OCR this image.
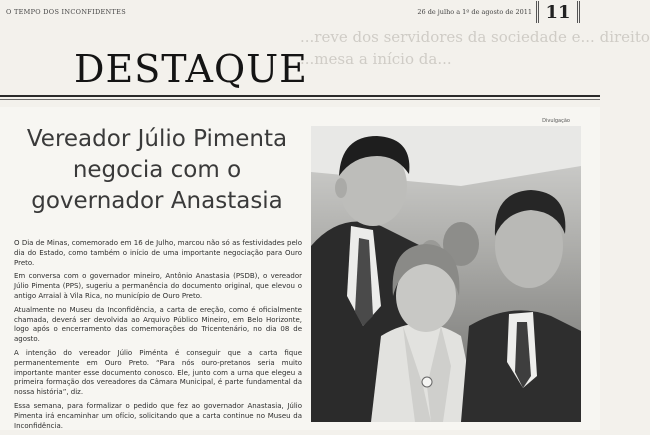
O TEMPO DOS INCONFIDENTES	26 de julho a 1º de agosto de 2011 11
...reve dos servidores da sociedade e... direito
...mesa a início da...
DESTAQUE
Vereador Júlio Pimenta negocia com o governador Anastasia

O Dia de Minas, comemorado em 16 de Julho, marcou não só as festividades pelo dia do Estado, como também o início de uma importante negociação para Ouro Preto.

Em conversa com o governador mineiro, Antônio Anastasia (PSDB), o vereador Júlio Pimenta (PPS), sugeriu a permanência do documento original, que elevou o antigo Arraial à Vila Rica, no município de Ouro Preto.

Atualmente no Museu da Inconfidência, a carta de ereção, como é oficialmente chamada, deverá ser devolvida ao Arquivo Público Mineiro, em Belo Horizonte, logo após o encerramento das comemorações do Tricentenário, no dia 08 de agosto.

A intenção do vereador Júlio Piménta é conseguir que a carta fique permanentemente em Ouro Preto. “Para nós ouro-pretanos seria muito importante manter esse documento conosco. Ele, junto com a urna que elegeu a primeira formação dos vereadores da Câmara Municipal, é parte fundamental da nossa história”, diz.

Essa semana, para formalizar o pedido que fez ao governador Anastasia, Júlio Pimenta irá encaminhar um ofício, solicitando que a carta continue no Museu da Inconfidência.

Divulgação
